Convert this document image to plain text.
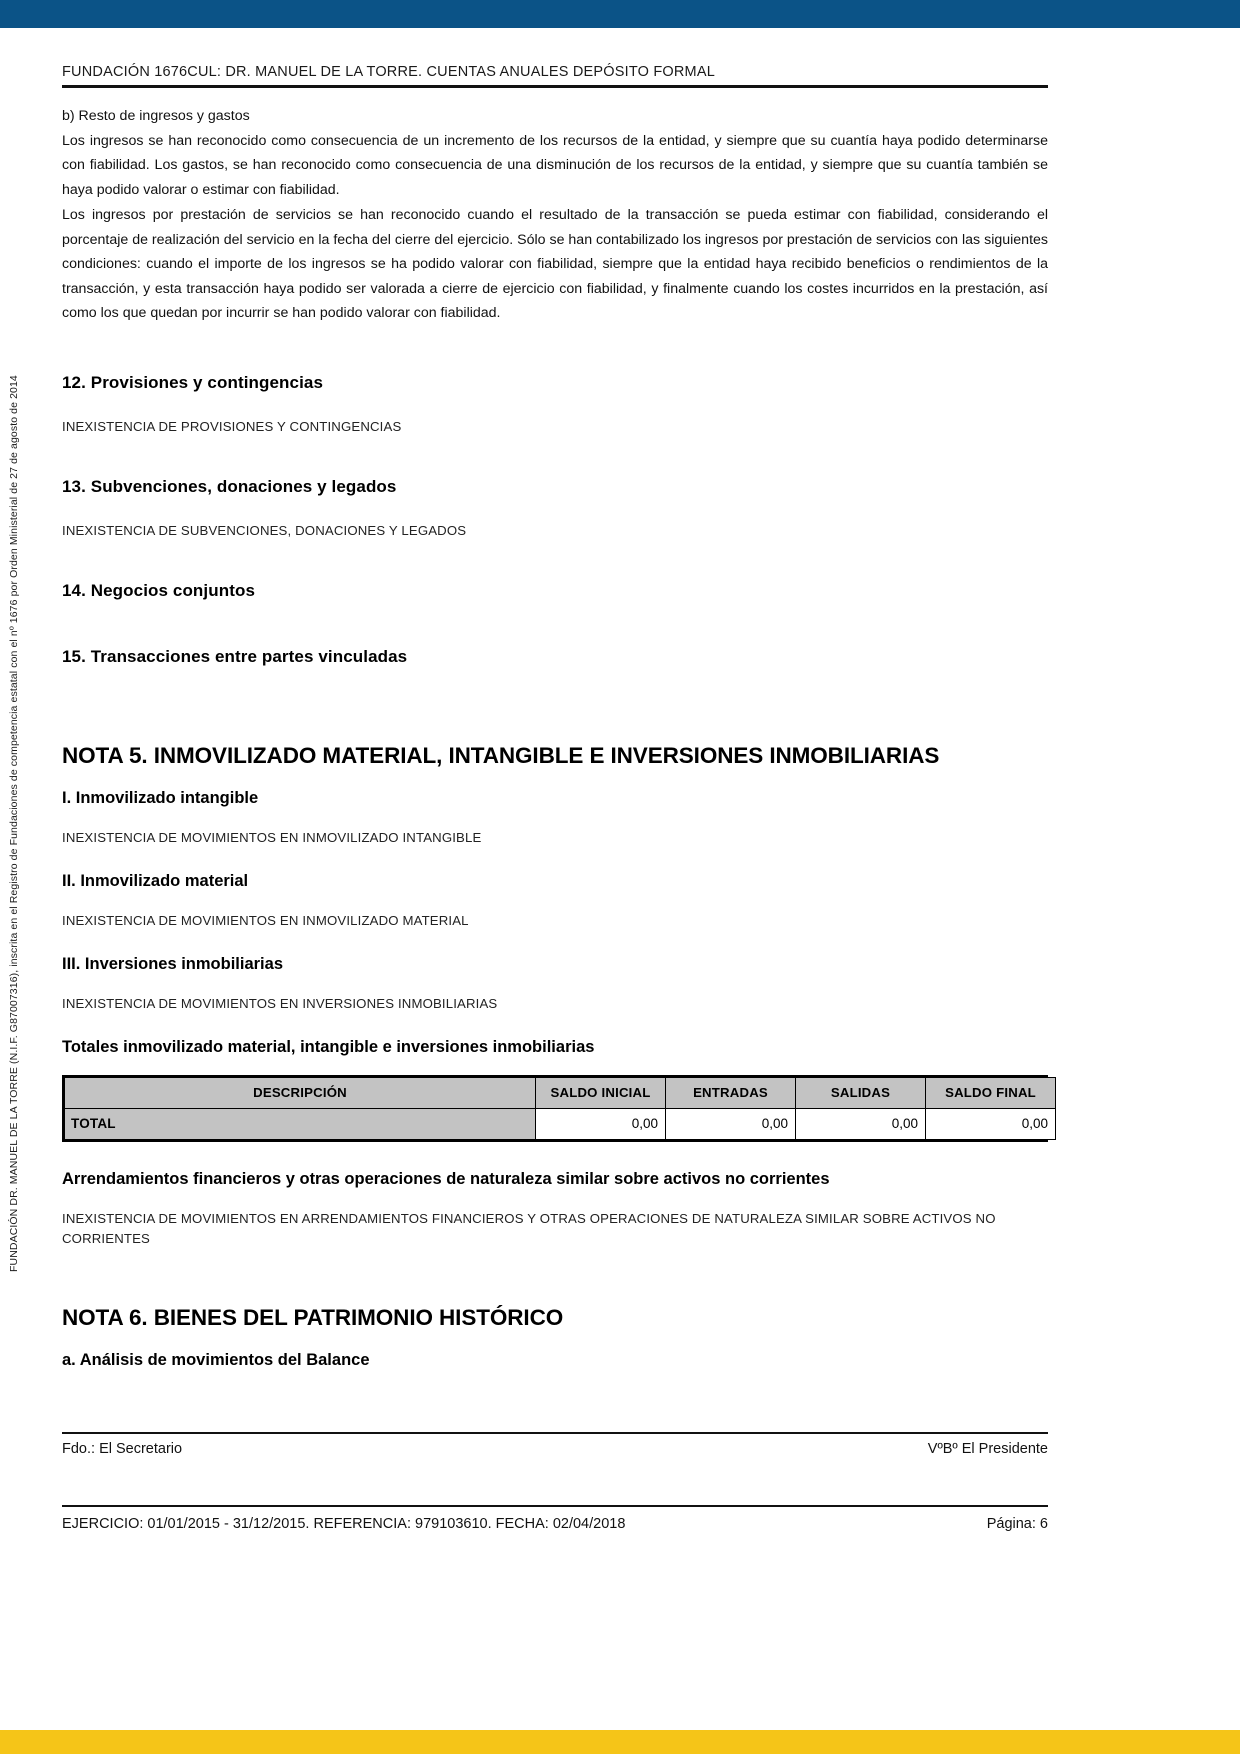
FUNDACIÓN DR. MANUEL DE LA TORRE (N.I.F. G87007316), inscrita en el Registro de Fundaciones de competencia estatal con el nº 1676 por Orden Ministerial de 27 de agosto de 2014
FUNDACIÓN 1676CUL: DR. MANUEL DE LA TORRE. CUENTAS ANUALES DEPÓSITO FORMAL

b) Resto de ingresos y gastos

Los ingresos se han reconocido como consecuencia de un incremento de los recursos de la entidad, y siempre que su cuantía haya podido determinarse con fiabilidad. Los gastos, se han reconocido como consecuencia de una disminución de los recursos de la entidad, y siempre que su cuantía también se haya podido valorar o estimar con fiabilidad.

Los ingresos por prestación de servicios se han reconocido cuando el resultado de la transacción se pueda estimar con fiabilidad, considerando el porcentaje de realización del servicio en la fecha del cierre del ejercicio. Sólo se han contabilizado los ingresos por prestación de servicios con las siguientes condiciones: cuando el importe de los ingresos se ha podido valorar con fiabilidad, siempre que la entidad haya recibido beneficios o rendimientos de la transacción, y esta transacción haya podido ser valorada a cierre de ejercicio con fiabilidad, y finalmente cuando los costes incurridos en la prestación, así como los que quedan por incurrir se han podido valorar con fiabilidad.

12. Provisiones y contingencias
INEXISTENCIA DE PROVISIONES Y CONTINGENCIAS
13. Subvenciones, donaciones y legados
INEXISTENCIA DE SUBVENCIONES, DONACIONES Y LEGADOS
14. Negocios conjuntos
15. Transacciones entre partes vinculadas
NOTA 5. INMOVILIZADO MATERIAL, INTANGIBLE E INVERSIONES INMOBILIARIAS
I. Inmovilizado intangible
INEXISTENCIA DE MOVIMIENTOS EN INMOVILIZADO INTANGIBLE
II. Inmovilizado material
INEXISTENCIA DE MOVIMIENTOS EN INMOVILIZADO MATERIAL
III. Inversiones inmobiliarias
INEXISTENCIA DE MOVIMIENTOS EN INVERSIONES INMOBILIARIAS
Totales inmovilizado material, intangible e inversiones inmobiliarias
DESCRIPCIÓN	SALDO INICIAL	ENTRADAS	SALIDAS	SALDO FINAL
TOTAL	0,00	0,00	0,00	0,00
Arrendamientos financieros y otras operaciones de naturaleza similar sobre activos no corrientes
INEXISTENCIA DE MOVIMIENTOS EN ARRENDAMIENTOS FINANCIEROS Y OTRAS OPERACIONES DE NATURALEZA SIMILAR SOBRE ACTIVOS NO CORRIENTES
NOTA 6. BIENES DEL PATRIMONIO HISTÓRICO
a. Análisis de movimientos del Balance
Fdo.: El Secretario	VºBº El Presidente
EJERCICIO: 01/01/2015 - 31/12/2015. REFERENCIA: 979103610. FECHA: 02/04/2018	Página: 6
